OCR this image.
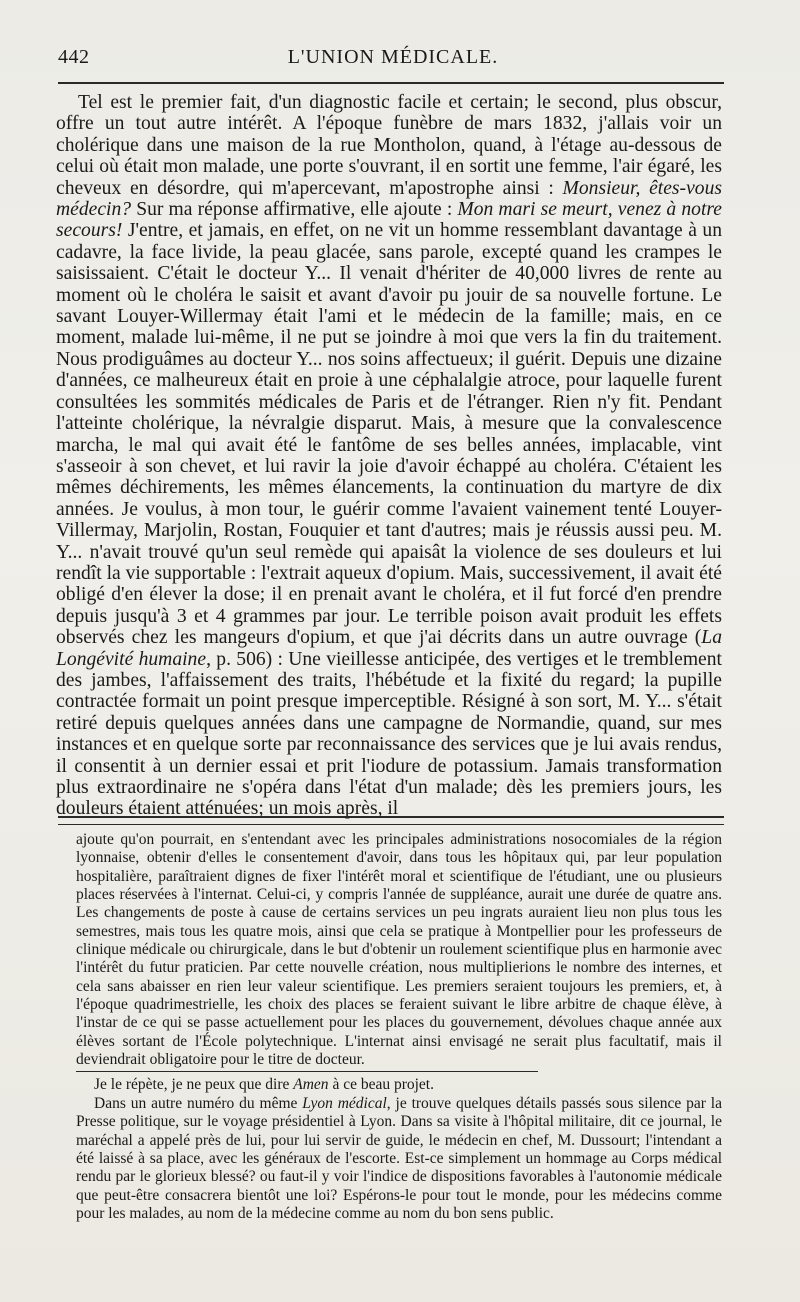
442	L'UNION MÉDICALE.

Tel est le premier fait, d'un diagnostic facile et certain; le second, plus obscur, offre un tout autre intérêt. A l'époque funèbre de mars 1832, j'allais voir un cholérique dans une maison de la rue Montholon, quand, à l'étage au-dessous de celui où était mon malade, une porte s'ouvrant, il en sortit une femme, l'air égaré, les cheveux en désordre, qui m'apercevant, m'apostrophe ainsi : Monsieur, êtes-vous médecin? Sur ma réponse affirmative, elle ajoute : Mon mari se meurt, venez à notre secours! J'entre, et jamais, en effet, on ne vit un homme ressemblant davantage à un cadavre, la face livide, la peau glacée, sans parole, excepté quand les crampes le saisissaient. C'était le docteur Y... Il venait d'hériter de 40,000 livres de rente au moment où le choléra le saisit et avant d'avoir pu jouir de sa nouvelle fortune. Le savant Louyer-Willermay était l'ami et le médecin de la famille; mais, en ce moment, malade lui-même, il ne put se joindre à moi que vers la fin du traitement. Nous prodiguâmes au docteur Y... nos soins affectueux; il guérit. Depuis une dizaine d'années, ce malheureux était en proie à une céphalalgie atroce, pour laquelle furent consultées les sommités médicales de Paris et de l'étranger. Rien n'y fit. Pendant l'atteinte cholérique, la névralgie disparut. Mais, à mesure que la convalescence marcha, le mal qui avait été le fantôme de ses belles années, implacable, vint s'asseoir à son chevet, et lui ravir la joie d'avoir échappé au choléra. C'étaient les mêmes déchirements, les mêmes élancements, la continuation du martyre de dix années. Je voulus, à mon tour, le guérir comme l'avaient vainement tenté Louyer-Villermay, Marjolin, Rostan, Fouquier et tant d'autres; mais je réussis aussi peu. M. Y... n'avait trouvé qu'un seul remède qui apaisât la violence de ses douleurs et lui rendît la vie supportable : l'extrait aqueux d'opium. Mais, successivement, il avait été obligé d'en élever la dose; il en prenait avant le choléra, et il fut forcé d'en prendre depuis jusqu'à 3 et 4 grammes par jour. Le terrible poison avait produit les effets observés chez les mangeurs d'opium, et que j'ai décrits dans un autre ouvrage (La Longévité humaine, p. 506) : Une vieillesse anticipée, des vertiges et le tremblement des jambes, l'affaissement des traits, l'hébétude et la fixité du regard; la pupille contractée formait un point presque imperceptible. Résigné à son sort, M. Y... s'était retiré depuis quelques années dans une campagne de Normandie, quand, sur mes instances et en quelque sorte par reconnaissance des services que je lui avais rendus, il consentit à un dernier essai et prit l'iodure de potassium. Jamais transformation plus extraordinaire ne s'opéra dans l'état d'un malade; dès les premiers jours, les douleurs étaient atténuées; un mois après, il

ajoute qu'on pourrait, en s'entendant avec les principales administrations nosocomiales de la région lyonnaise, obtenir d'elles le consentement d'avoir, dans tous les hôpitaux qui, par leur population hospitalière, paraîtraient dignes de fixer l'intérêt moral et scientifique de l'étudiant, une ou plusieurs places réservées à l'internat. Celui-ci, y compris l'année de suppléance, aurait une durée de quatre ans. Les changements de poste à cause de certains services un peu ingrats auraient lieu non plus tous les semestres, mais tous les quatre mois, ainsi que cela se pratique à Montpellier pour les professeurs de clinique médicale ou chirurgicale, dans le but d'obtenir un roulement scientifique plus en harmonie avec l'intérêt du futur praticien. Par cette nouvelle création, nous multiplierions le nombre des internes, et cela sans abaisser en rien leur valeur scientifique. Les premiers seraient toujours les premiers, et, à l'époque quadrimestrielle, les choix des places se feraient suivant le libre arbitre de chaque élève, à l'instar de ce qui se passe actuellement pour les places du gouvernement, dévolues chaque année aux élèves sortant de l'École polytechnique. L'internat ainsi envisagé ne serait plus facultatif, mais il deviendrait obligatoire pour le titre de docteur.

Je le répète, je ne peux que dire Amen à ce beau projet.

Dans un autre numéro du même Lyon médical, je trouve quelques détails passés sous silence par la Presse politique, sur le voyage présidentiel à Lyon. Dans sa visite à l'hôpital militaire, dit ce journal, le maréchal a appelé près de lui, pour lui servir de guide, le médecin en chef, M. Dussourt; l'intendant a été laissé à sa place, avec les généraux de l'escorte. Est-ce simplement un hommage au Corps médical rendu par le glorieux blessé? ou faut-il y voir l'indice de dispositions favorables à l'autonomie médicale que peut-être consacrera bientôt une loi? Espérons-le pour tout le monde, pour les médecins comme pour les malades, au nom de la médecine comme au nom du bon sens public.
